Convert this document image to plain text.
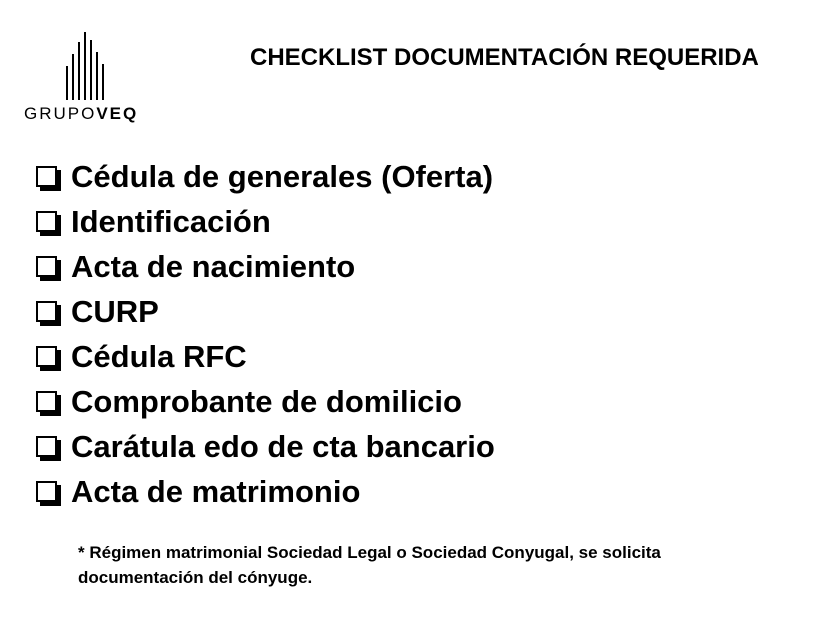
GRUPOVEQ
CHECKLIST DOCUMENTACIÓN REQUERIDA
Cédula de generales (Oferta)
Identificación
Acta de nacimiento
CURP
Cédula RFC
Comprobante de domilicio
Carátula edo de cta bancario
Acta de matrimonio
* Régimen matrimonial Sociedad Legal o Sociedad Conyugal, se solicita documentación del cónyuge.
